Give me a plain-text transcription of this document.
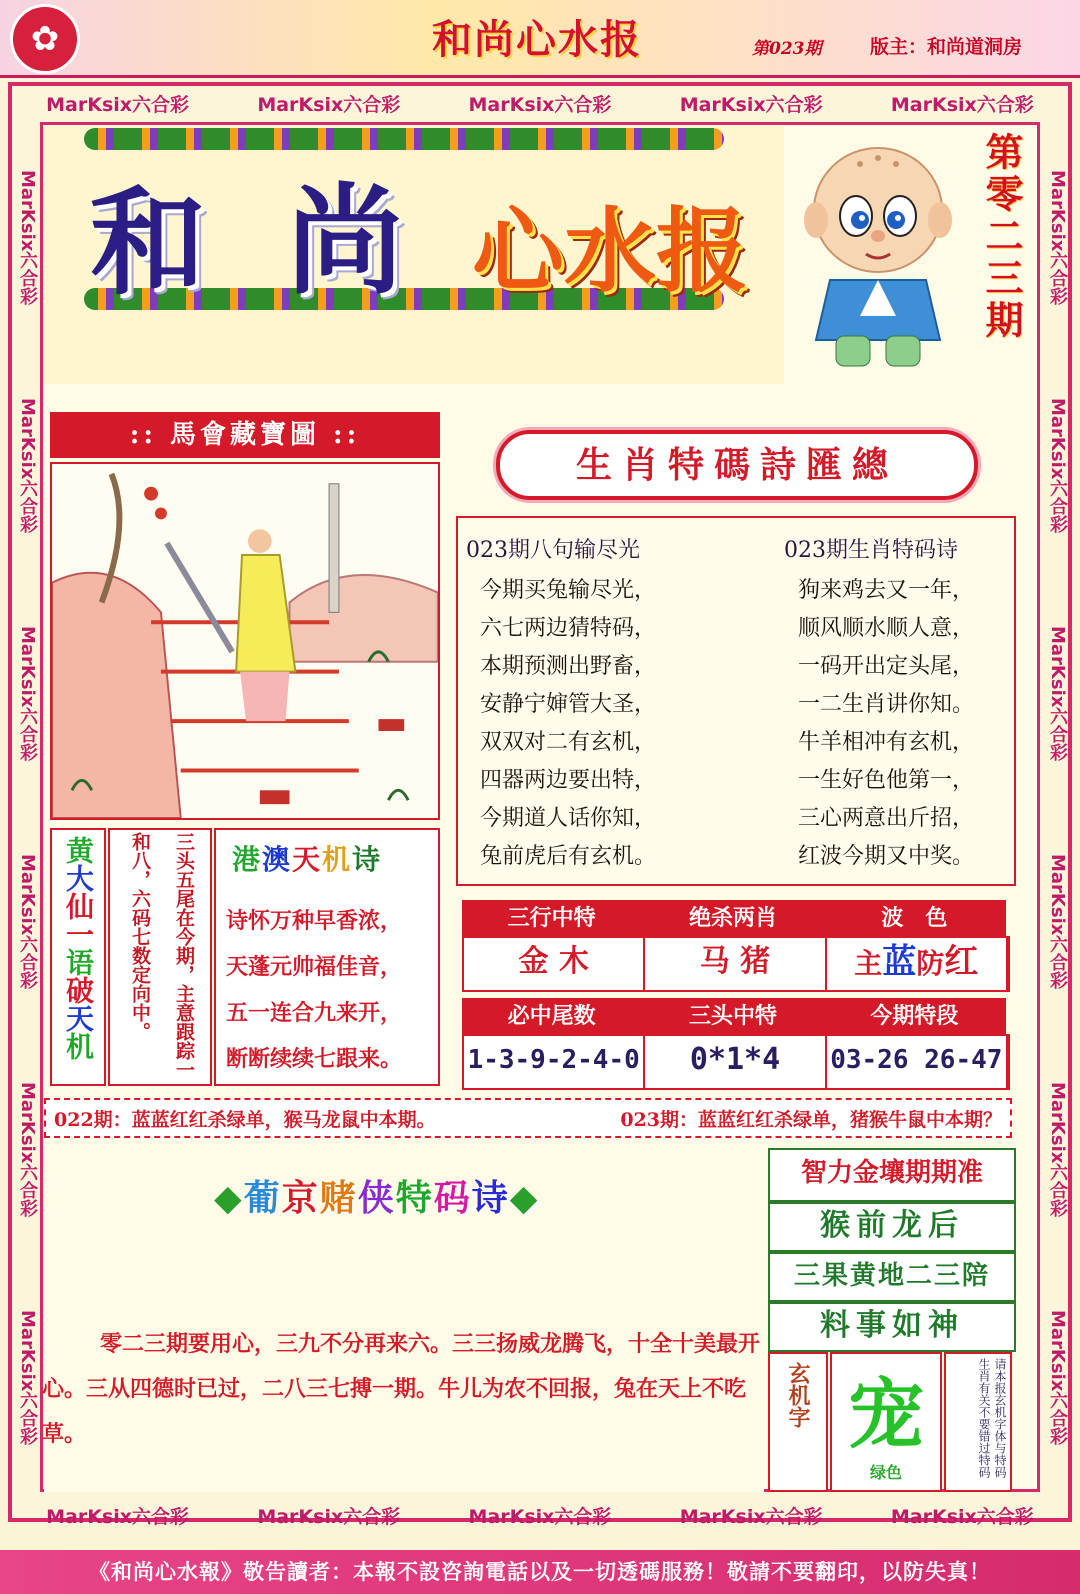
✿	和尚心水报	第023期	版主：和尚道洞房
MarKsix六合彩	MarKsix六合彩	MarKsix六合彩	MarKsix六合彩	MarKsix六合彩
MarKsix六合彩	MarKsix六合彩	MarKsix六合彩	MarKsix六合彩	MarKsix六合彩
MarKsix六合彩
MarKsix六合彩
MarKsix六合彩
MarKsix六合彩
MarKsix六合彩
MarKsix六合彩
MarKsix六合彩
MarKsix六合彩
MarKsix六合彩
MarKsix六合彩
MarKsix六合彩
MarKsix六合彩
和 尚 心水报	第零二三期
:: 馬會藏寶圖 ::
生肖特碼詩匯總
023期八句输尽光
今期买兔输尽光，
六七两边猜特码，
本期预测出野畜，
安静宁婶管大圣，
双双对二有玄机，
四器两边要出特，
今期道人话你知，
兔前虎后有玄机。
023期生肖特码诗
狗来鸡去又一年，
顺风顺水顺人意，
一码开出定头尾，
一二生肖讲你知。
牛羊相冲有玄机，
一生好色他第一，
三心两意出斤招，
红波今期又中奖。
三行中特	绝杀两肖	波　色
金 木	马 猪	主蓝防红
必中尾数	三头中特	今期特段
1-3-9-2-4-0	0*1*4	03-26 26-47
黄大仙一语破天机	三头五尾在今期，主意跟踪一和八，六码七数定向中。	港澳天机诗
诗怀万种早香浓，
天蓬元帅福佳音，
五一连合九来开，
断断续续七跟来。
022期：蓝蓝红红杀绿单，猴马龙鼠中本期。	023期：蓝蓝红红杀绿单，猪猴牛鼠中本期？
◆葡京赌侠特码诗◆
零二三期要用心，三九不分再来六。三三扬威龙腾飞，十全十美最开心。三从四德时已过，二八三七搏一期。牛儿为农不回报，兔在天上不吃草。
智力金壤期期准
猴前龙后
三果黄地二三陪
料事如神
玄机字 宠
绿色	请本报玄机字体与特码生肖有关不要错过特码
《和尚心水報》敬告讀者：本報不設咨詢電話以及一切透碼服務！敬請不要翻印，以防失真！
